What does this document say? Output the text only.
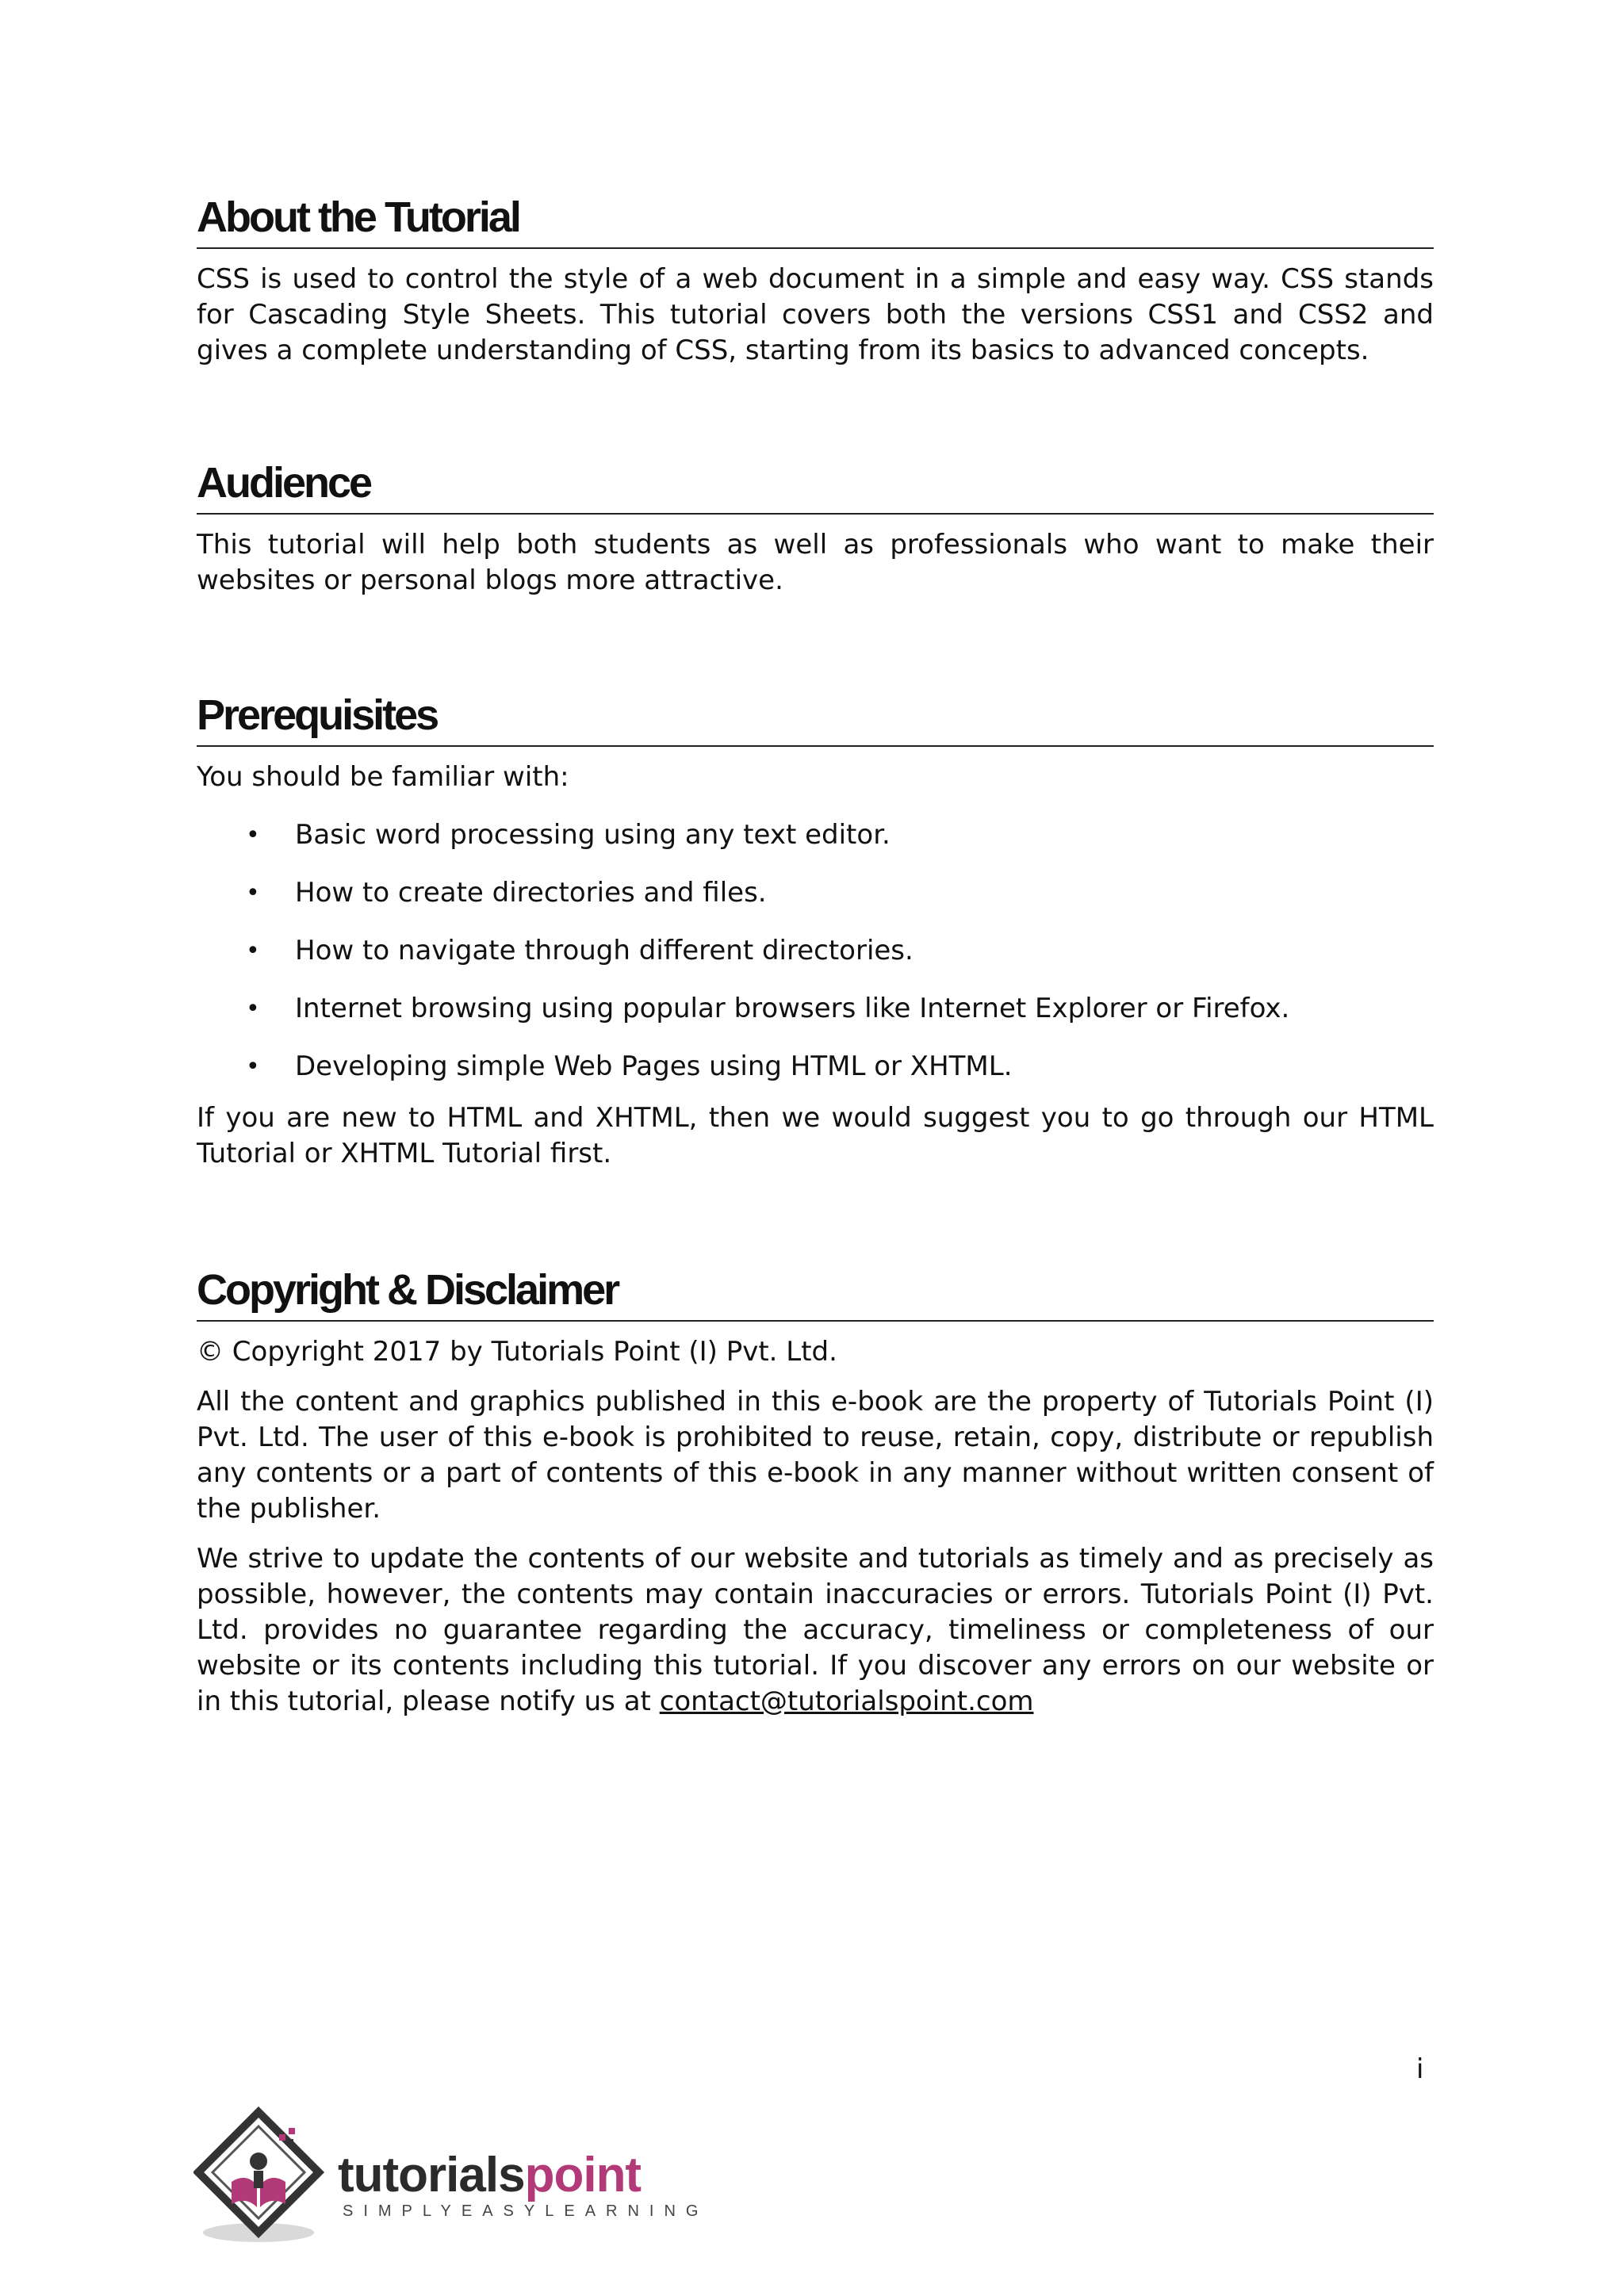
About the Tutorial

CSS is used to control the style of a web document in a simple and easy way. CSS stands for Cascading Style Sheets. This tutorial covers both the versions CSS1 and CSS2 and gives a complete understanding of CSS, starting from its basics to advanced concepts.

Audience

This tutorial will help both students as well as professionals who want to make their websites or personal blogs more attractive.

Prerequisites

You should be familiar with:

• Basic word processing using any text editor.
• How to create directories and files.
• How to navigate through different directories.
• Internet browsing using popular browsers like Internet Explorer or Firefox.
• Developing simple Web Pages using HTML or XHTML.

If you are new to HTML and XHTML, then we would suggest you to go through our HTML Tutorial or XHTML Tutorial first.

Copyright & Disclaimer

© Copyright 2017 by Tutorials Point (I) Pvt. Ltd.

All the content and graphics published in this e-book are the property of Tutorials Point (I) Pvt. Ltd. The user of this e-book is prohibited to reuse, retain, copy, distribute or republish any contents or a part of contents of this e-book in any manner without written consent of the publisher.

We strive to update the contents of our website and tutorials as timely and as precisely as possible, however, the contents may contain inaccuracies or errors. Tutorials Point (I) Pvt. Ltd. provides no guarantee regarding the accuracy, timeliness or completeness of our website or its contents including this tutorial. If you discover any errors on our website or in this tutorial, please notify us at contact@tutorialspoint.com

i
tutorialspoint
SIMPLYEASYLEARNING
